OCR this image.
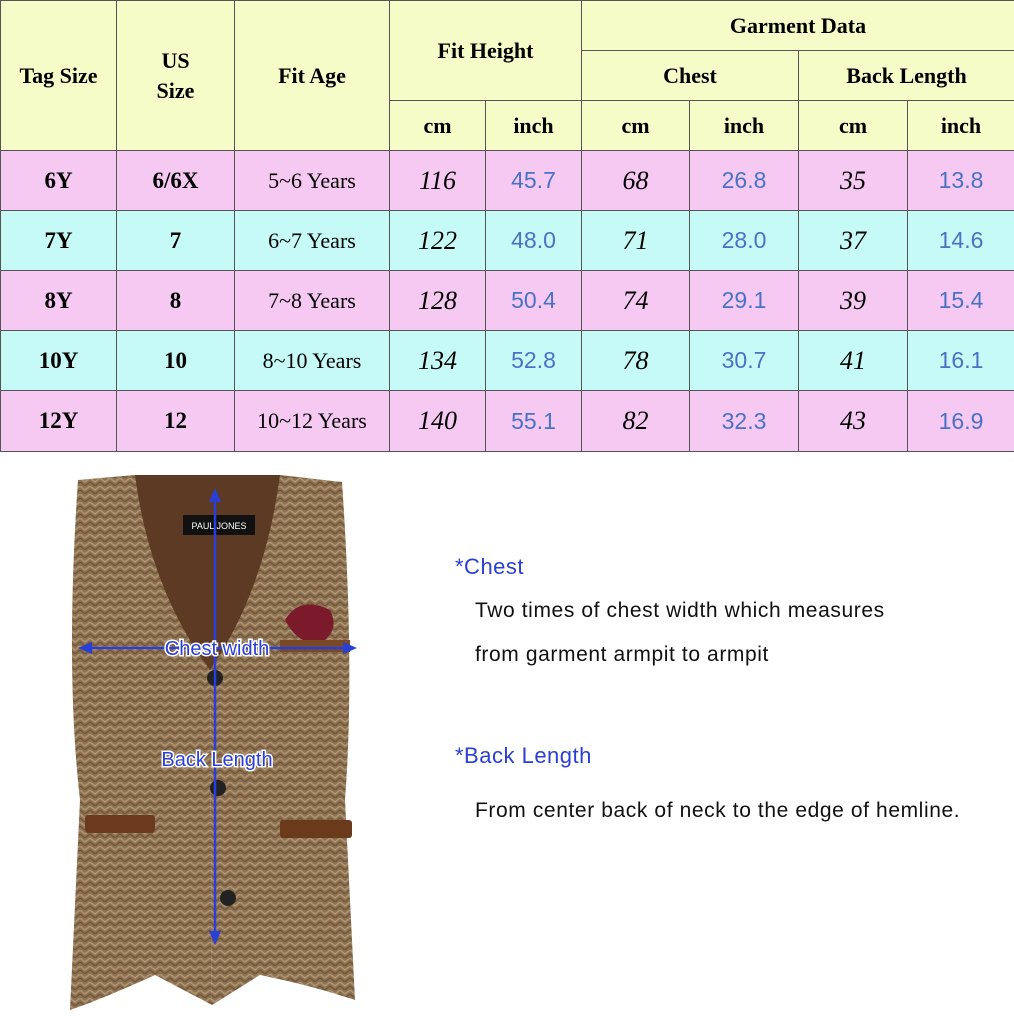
Tag Size	US Size	Fit Age	Fit Height		Garment Data			
					Chest		Back Length	
			cm	inch	cm	inch	cm	inch
6Y	6/6X	5~6 Years	116	45.7	68	26.8	35	13.8
7Y	7	6~7 Years	122	48.0	71	28.0	37	14.6
8Y	8	7~8 Years	128	50.4	74	29.1	39	15.4
10Y	10	8~10 Years	134	52.8	78	30.7	41	16.1
12Y	12	10~12 Years	140	55.1	82	32.3	43	16.9
PAUL JONES
Chest width
Back Length
*Chest
Two times of chest width which measures
from garment armpit to armpit
*Back Length
From center back of neck to the edge of hemline.
